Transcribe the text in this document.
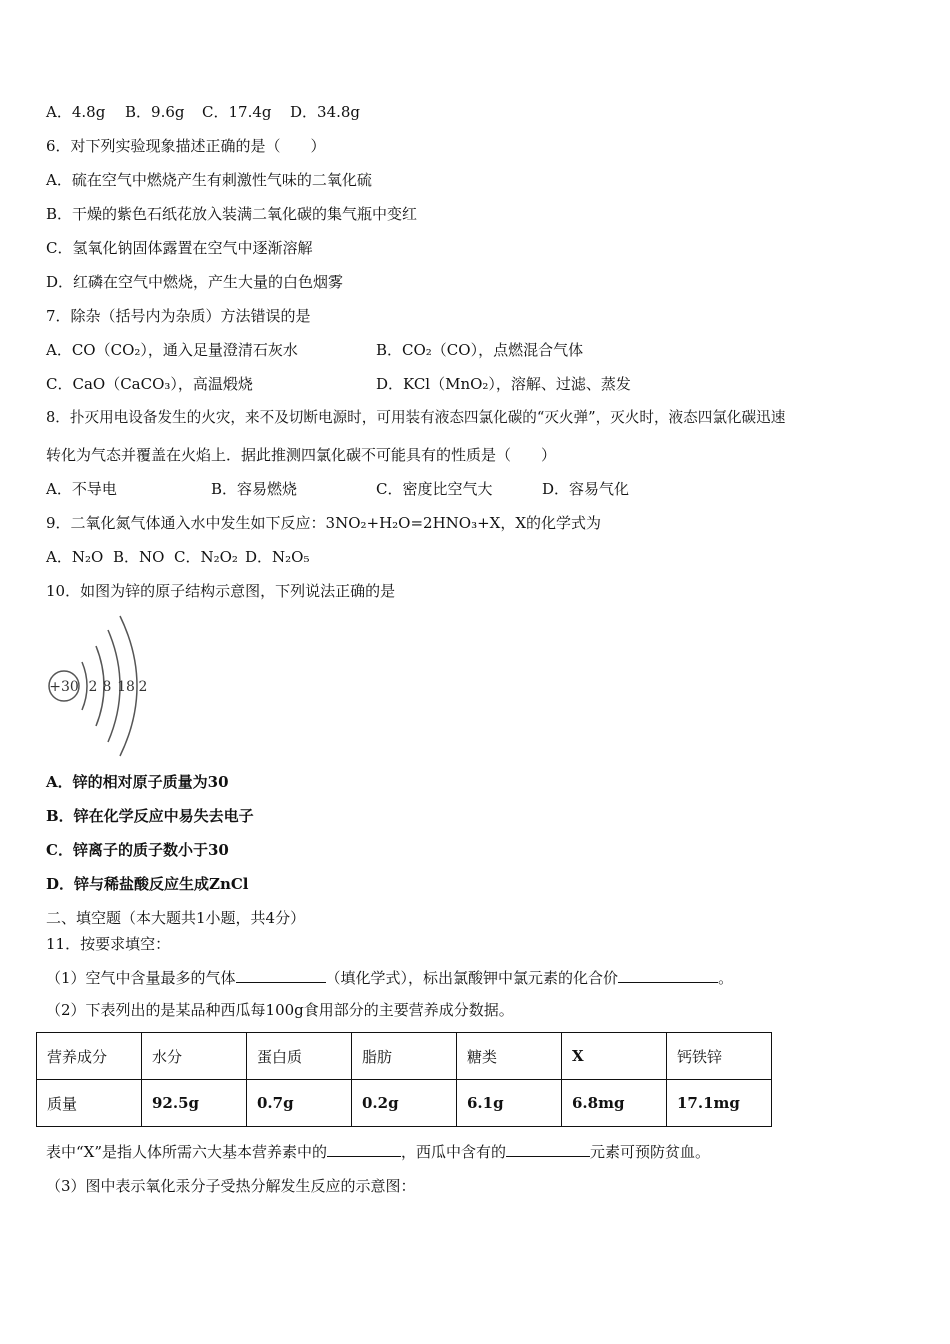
A．4.8g B．9.6g C．17.4g D．34.8g
6．对下列实验现象描述正确的是（　　）
A．硫在空气中燃烧产生有刺激性气味的二氧化硫
B．干燥的紫色石纸花放入装满二氧化碳的集气瓶中变红
C．氢氧化钠固体露置在空气中逐渐溶解
D．红磷在空气中燃烧，产生大量的白色烟雾
7．除杂（括号内为杂质）方法错误的是
A．CO（CO₂），通入足量澄清石灰水	B．CO₂（CO），点燃混合气体
C．CaO（CaCO₃），高温煅烧	D．KCl（MnO₂），溶解、过滤、蒸发
8．扑灭用电设备发生的火灾，来不及切断电源时，可用装有液态四氯化碳的“灭火弹”，灭火时，液态四氯化碳迅速
转化为气态并覆盖在火焰上．据此推测四氯化碳不可能具有的性质是（　　）
A．不导电	B．容易燃烧	C．密度比空气大	D．容易气化
9．二氧化氮气体通入水中发生如下反应：3NO₂+H₂O=2HNO₃+X，X的化学式为
A．N₂O B．NO C．N₂O₂ D．N₂O₅
10．如图为锌的原子结构示意图，下列说法正确的是
+30 2 8 18 2
A．锌的相对原子质量为30
B．锌在化学反应中易失去电子
C．锌离子的质子数小于30
D．锌与稀盐酸反应生成ZnCl
二、填空题（本大题共1小题，共4分）
11．按要求填空：
（1）空气中含量最多的气体	（填化学式），标出氯酸钾中氯元素的化合价	。
（2）下表列出的是某品种西瓜每100g食用部分的主要营养成分数据。
营养成分	水分	蛋白质	脂肪	糖类	X	钙铁锌
质量	92.5g	0.7g	0.2g	6.1g	6.8mg	17.1mg
表中“X”是指人体所需六大基本营养素中的	，西瓜中含有的	元素可预防贫血。
（3）图中表示氧化汞分子受热分解发生反应的示意图：
